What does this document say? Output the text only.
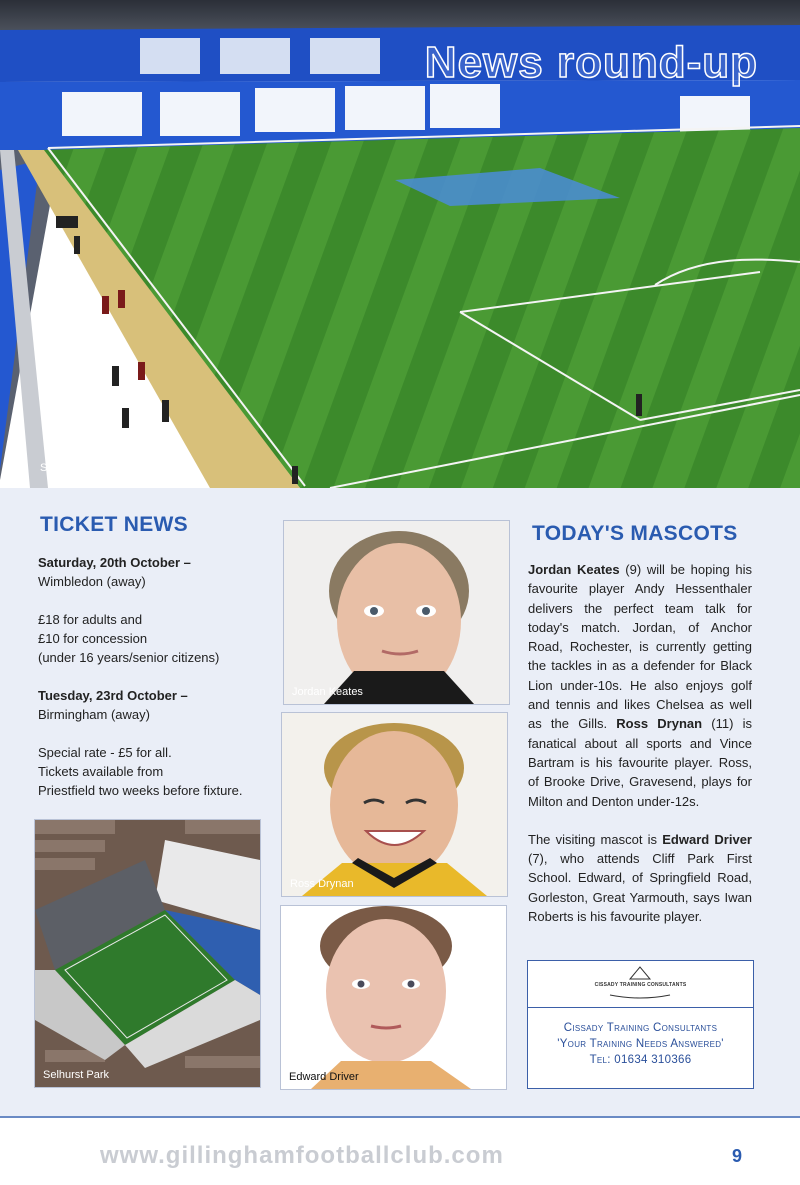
News round-up
St. Andrews
TICKET NEWS

Saturday, 20th October –
Wimbledon (away)

£18 for adults and
£10 for concession
(under 16 years/senior citizens)

Tuesday, 23rd October –
Birmingham (away)

Special rate - £5 for all.
Tickets available from
Priestfield two weeks before fixture.

Selhurst Park
Jordan Keates
Ross Drynan
Edward Driver
TODAY'S MASCOTS

Jordan Keates (9) will be hoping his favourite player Andy Hessenthaler delivers the perfect team talk for today's match. Jordan, of Anchor Road, Rochester, is currently getting the tackles in as a defender for Black Lion under-10s. He also enjoys golf and tennis and likes Chelsea as well as the Gills. Ross Drynan (11) is fanatical about all sports and Vince Bartram is his favourite player. Ross, of Brooke Drive, Gravesend, plays for Milton and Denton under-12s.

The visiting mascot is Edward Driver (7), who attends Cliff Park First School. Edward, of Springfield Road, Gorleston, Great Yarmouth, says Iwan Roberts is his favourite player.

CISSADY TRAINING CONSULTANTS
Cissady Training Consultants
'Your Training Needs Answered'
Tel: 01634 310366
www.gillinghamfootballclub.com	9
